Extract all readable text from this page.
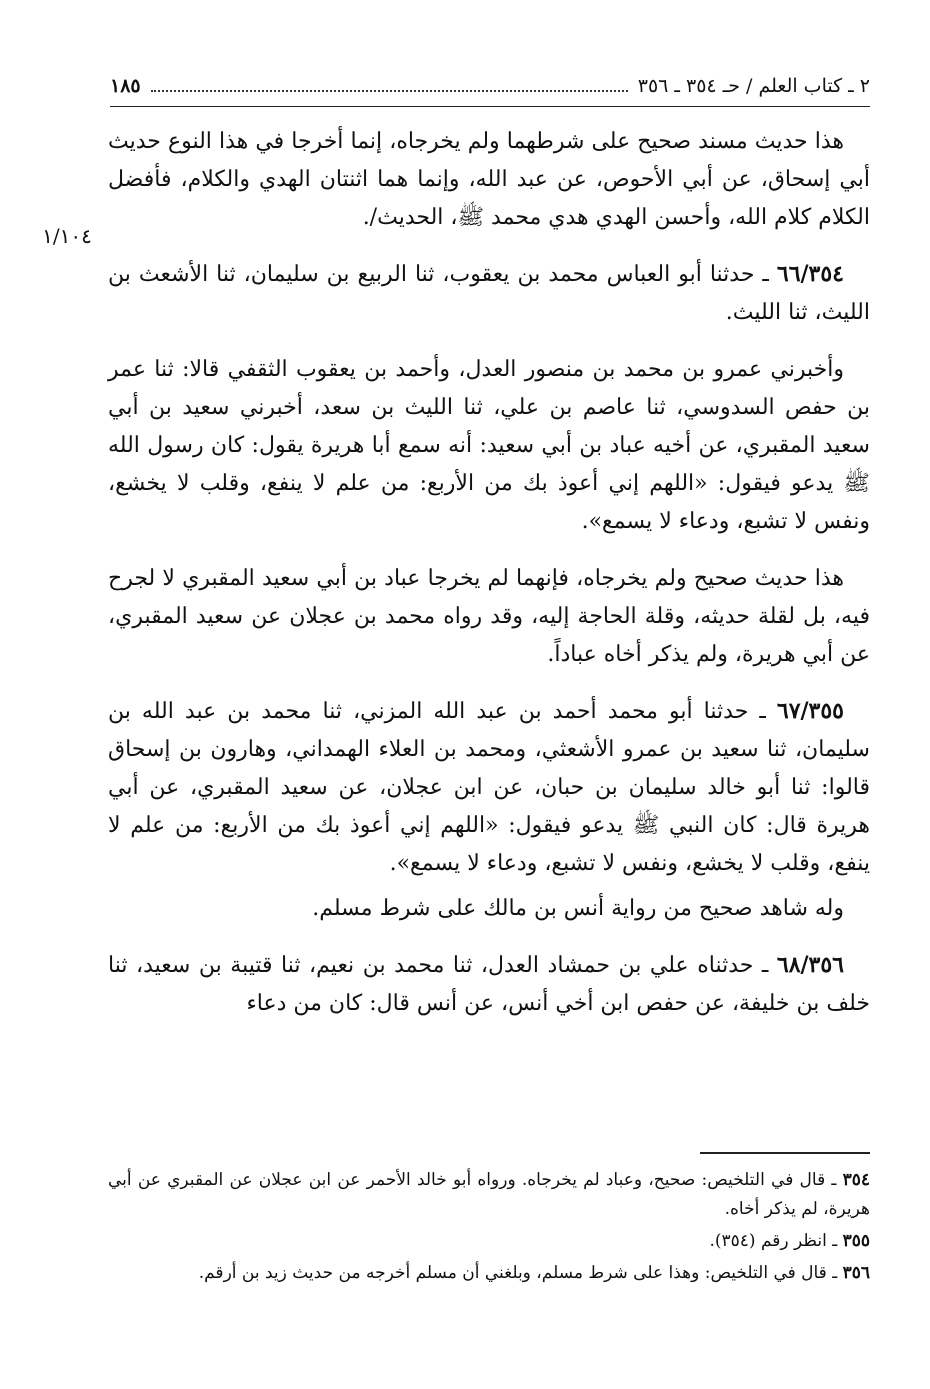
٢ ـ كتاب العلم / حـ ٣٥٤ ـ ٣٥٦
١٨٥
١/١٠٤

هذا حديث مسند صحيح على شرطهما ولم يخرجاه، إنما أخرجا في هذا النوع حديث أبي إسحاق، عن أبي الأحوص، عن عبد الله، وإنما هما اثنتان الهدي والكلام، فأفضل الكلام كلام الله، وأحسن الهدي هدي محمد ﷺ، الحديث/.

٦٦/٣٥٤ ـ حدثنا أبو العباس محمد بن يعقوب، ثنا الربيع بن سليمان، ثنا الأشعث بن الليث، ثنا الليث.

وأخبرني عمرو بن محمد بن منصور العدل، وأحمد بن يعقوب الثقفي قالا: ثنا عمر بن حفص السدوسي، ثنا عاصم بن علي، ثنا الليث بن سعد، أخبرني سعيد بن أبي سعيد المقبري، عن أخيه عباد بن أبي سعيد: أنه سمع أبا هريرة يقول: كان رسول الله ﷺ يدعو فيقول: «اللهم إني أعوذ بك من الأربع: من علم لا ينفع، وقلب لا يخشع، ونفس لا تشبع، ودعاء لا يسمع».

هذا حديث صحيح ولم يخرجاه، فإنهما لم يخرجا عباد بن أبي سعيد المقبري لا لجرح فيه، بل لقلة حديثه، وقلة الحاجة إليه، وقد رواه محمد بن عجلان عن سعيد المقبري، عن أبي هريرة، ولم يذكر أخاه عباداً.

٦٧/٣٥٥ ـ حدثنا أبو محمد أحمد بن عبد الله المزني، ثنا محمد بن عبد الله بن سليمان، ثنا سعيد بن عمرو الأشعثي، ومحمد بن العلاء الهمداني، وهارون بن إسحاق قالوا: ثنا أبو خالد سليمان بن حبان، عن ابن عجلان، عن سعيد المقبري، عن أبي هريرة قال: كان النبي ﷺ يدعو فيقول: «اللهم إني أعوذ بك من الأربع: من علم لا ينفع، وقلب لا يخشع، ونفس لا تشبع، ودعاء لا يسمع».

وله شاهد صحيح من رواية أنس بن مالك على شرط مسلم.

٦٨/٣٥٦ ـ حدثناه علي بن حمشاد العدل، ثنا محمد بن نعيم، ثنا قتيبة بن سعيد، ثنا خلف بن خليفة، عن حفص ابن أخي أنس، عن أنس قال: كان من دعاء

٣٥٤ ـ قال في التلخيص: صحيح، وعباد لم يخرجاه. ورواه أبو خالد الأحمر عن ابن عجلان عن المقبري عن أبي هريرة، لم يذكر أخاه.

٣٥٥ ـ انظر رقم (٣٥٤).

٣٥٦ ـ قال في التلخيص: وهذا على شرط مسلم، وبلغني أن مسلم أخرجه من حديث زيد بن أرقم.
